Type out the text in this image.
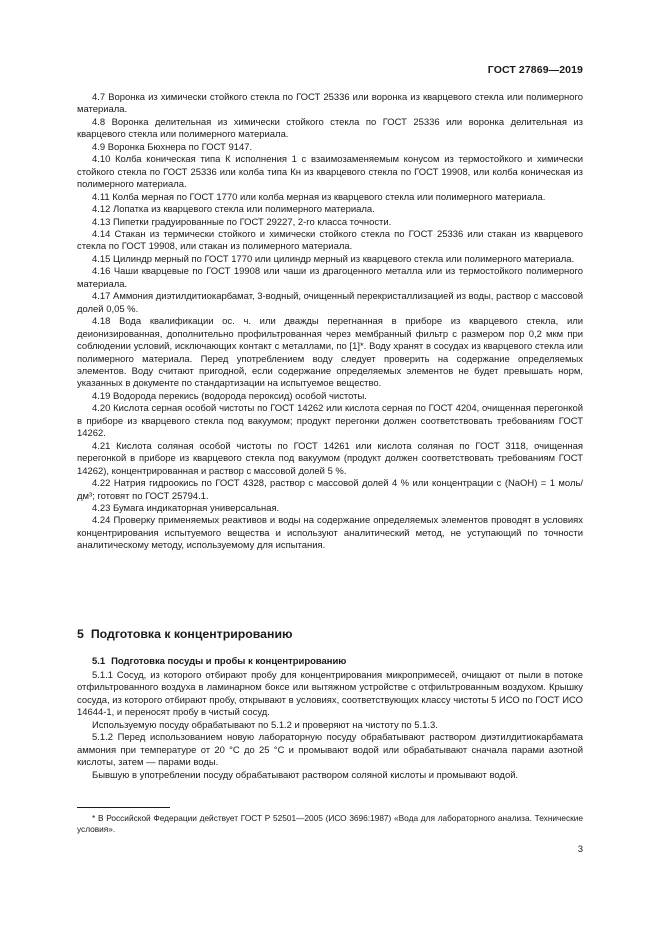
ГОСТ 27869—2019

4.7 Воронка из химически стойкого стекла по ГОСТ 25336 или воронка из кварцевого стекла или полимерного материала.

4.8 Воронка делительная из химически стойкого стекла по ГОСТ 25336 или воронка делительная из кварцевого стекла или полимерного материала.

4.9 Воронка Бюхнера по ГОСТ 9147.

4.10 Колба коническая типа К исполнения 1 с взаимозаменяемым конусом из термостойкого и химически стойкого стекла по ГОСТ 25336 или колба типа Кн из кварцевого стекла по ГОСТ 19908, или колба коническая из полимерного материала.

4.11 Колба мерная по ГОСТ 1770 или колба мерная из кварцевого стекла или полимерного материала.

4.12 Лопатка из кварцевого стекла или полимерного материала.

4.13 Пипетки градуированные по ГОСТ 29227, 2-го класса точности.

4.14 Стакан из термически стойкого и химически стойкого стекла по ГОСТ 25336 или стакан из кварцевого стекла по ГОСТ 19908, или стакан из полимерного материала.

4.15 Цилиндр мерный по ГОСТ 1770 или цилиндр мерный из кварцевого стекла или полимерного материала.

4.16 Чаши кварцевые по ГОСТ 19908 или чаши из драгоценного металла или из термостойкого полимерного материала.

4.17 Аммония диэтилдитиокарбамат, 3-водный, очищенный перекристаллизацией из воды, раствор с массовой долей 0,05 %.

4.18 Вода квалификации ос. ч. или дважды перегнанная в приборе из кварцевого стекла, или деионизированная, дополнительно профильтрованная через мембранный фильтр с размером пор 0,2 мкм при соблюдении условий, исключающих контакт с металлами, по [1]*. Воду хранят в сосудах из кварцевого стекла или полимерного материала. Перед употреблением воду следует проверить на содержание определяемых элементов. Воду считают пригодной, если содержание определяемых элементов не будет превышать норм, указанных в документе по стандартизации на испытуемое вещество.

4.19 Водорода перекись (водорода пероксид) особой чистоты.

4.20 Кислота серная особой чистоты по ГОСТ 14262 или кислота серная по ГОСТ 4204, очищенная перегонкой в приборе из кварцевого стекла под вакуумом; продукт перегонки должен соответствовать требованиям ГОСТ 14262.

4.21 Кислота соляная особой чистоты по ГОСТ 14261 или кислота соляная по ГОСТ 3118, очищенная перегонкой в приборе из кварцевого стекла под вакуумом (продукт должен соответствовать требованиям ГОСТ 14262), концентрированная и раствор с массовой долей 5 %.

4.22 Натрия гидроокись по ГОСТ 4328, раствор с массовой долей 4 % или концентрации c (NaOH) = 1 моль/дм³; готовят по ГОСТ 25794.1.

4.23 Бумага индикаторная универсальная.

4.24 Проверку применяемых реактивов и воды на содержание определяемых элементов проводят в условиях концентрирования испытуемого вещества и используют аналитический метод, не уступающий по точности аналитическому методу, используемому для испытания.

5 Подготовка к концентрированию
5.1 Подготовка посуды и пробы к концентрированию

5.1.1 Сосуд, из которого отбирают пробу для концентрирования микропримесей, очищают от пыли в потоке отфильтрованного воздуха в ламинарном боксе или вытяжном устройстве с отфильтрованным воздухом. Крышку сосуда, из которого отбирают пробу, открывают в условиях, соответствующих классу чистоты 5 ИСО по ГОСТ ИСО 14644-1, и переносят пробу в чистый сосуд.

Используемую посуду обрабатывают по 5.1.2 и проверяют на чистоту по 5.1.3.

5.1.2 Перед использованием новую лабораторную посуду обрабатывают раствором диэтилдитиокарбамата аммония при температуре от 20 °С до 25 °С и промывают водой или обрабатывают сначала парами азотной кислоты, затем — парами воды.

Бывшую в употреблении посуду обрабатывают раствором соляной кислоты и промывают водой.

* В Российской Федерации действует ГОСТ Р 52501—2005 (ИСО 3696:1987) «Вода для лабораторного анализа. Технические условия».
3
